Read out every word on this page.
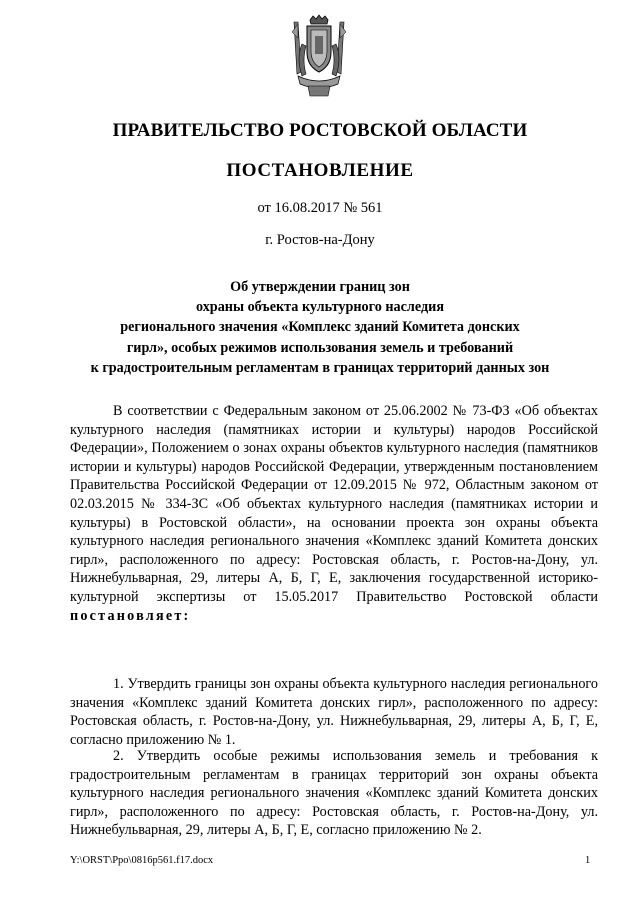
ПРАВИТЕЛЬСТВО РОСТОВСКОЙ ОБЛАСТИ
ПОСТАНОВЛЕНИЕ
от 16.08.2017 № 561
г. Ростов-на-Дону
Об утверждении границ зон
охраны объекта культурного наследия
регионального значения «Комплекс зданий Комитета донских
гирл», особых режимов использования земель и требований
к градостроительным регламентам в границах территорий данных зон

В соответствии с Федеральным законом от 25.06.2002 № 73-ФЗ «Об объектах культурного наследия (памятниках истории и культуры) народов Российской Федерации», Положением о зонах охраны объектов культурного наследия (памятников истории и культуры) народов Российской Федерации, утвержденным постановлением Правительства Российской Федерации от 12.09.2015 № 972, Областным законом от 02.03.2015 № 334-ЗС «Об объектах культурного наследия (памятниках истории и культуры) в Ростовской области», на основании проекта зон охраны объекта культурного наследия регионального значения «Комплекс зданий Комитета донских гирл», расположенного по адресу: Ростовская область, г. Ростов-на-Дону, ул. Нижнебульварная, 29, литеры А, Б, Г, Е, заключения государственной историко-культурной экспертизы от 15.05.2017 Правительство Ростовской области постановляет:

1. Утвердить границы зон охраны объекта культурного наследия регионального значения «Комплекс зданий Комитета донских гирл», расположенного по адресу: Ростовская область, г. Ростов-на-Дону, ул. Нижнебульварная, 29, литеры А, Б, Г, Е, согласно приложению № 1.

2. Утвердить особые режимы использования земель и требования к градостроительным регламентам в границах территорий зон охраны объекта культурного наследия регионального значения «Комплекс зданий Комитета донских гирл», расположенного по адресу: Ростовская область, г. Ростов-на-Дону, ул. Нижнебульварная, 29, литеры А, Б, Г, Е, согласно приложению № 2.

Y:\ORST\Ppo\0816p561.f17.docx	1
